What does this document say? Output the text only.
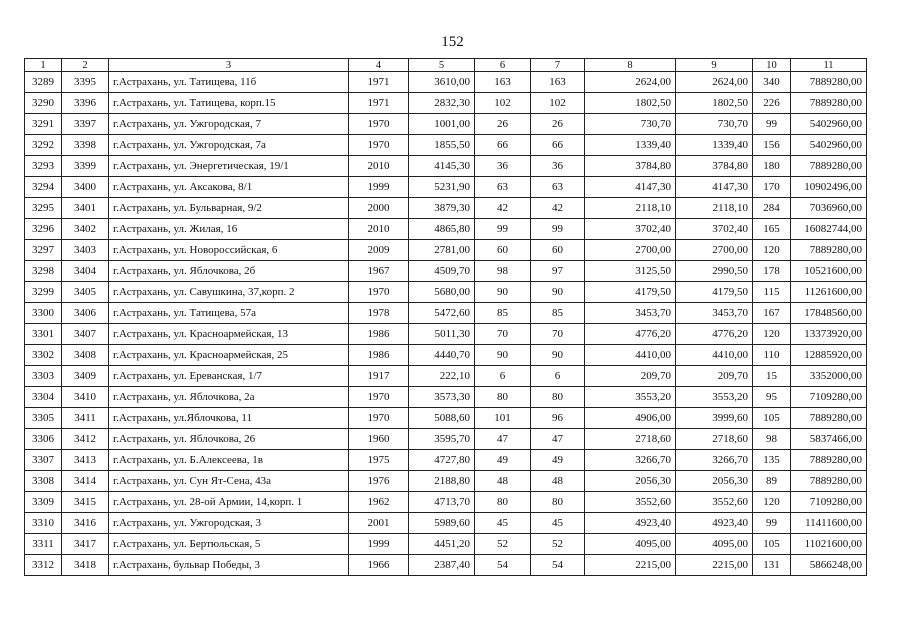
152
1	2	3	4	5	6	7	8	9	10	11
3289	3395	г.Астрахань, ул. Татищева, 11б	1971	3610,00	163	163	2624,00	2624,00	340	7889280,00
3290	3396	г.Астрахань, ул. Татищева, корп.15	1971	2832,30	102	102	1802,50	1802,50	226	7889280,00
3291	3397	г.Астрахань, ул. Ужгородская, 7	1970	1001,00	26	26	730,70	730,70	99	5402960,00
3292	3398	г.Астрахань, ул. Ужгородская, 7а	1970	1855,50	66	66	1339,40	1339,40	156	5402960,00
3293	3399	г.Астрахань, ул. Энергетическая, 19/1	2010	4145,30	36	36	3784,80	3784,80	180	7889280,00
3294	3400	г.Астрахань, ул. Аксакова, 8/1	1999	5231,90	63	63	4147,30	4147,30	170	10902496,00
3295	3401	г.Астрахань, ул. Бульварная, 9/2	2000	3879,30	42	42	2118,10	2118,10	284	7036960,00
3296	3402	г.Астрахань, ул. Жилая, 16	2010	4865,80	99	99	3702,40	3702,40	165	16082744,00
3297	3403	г.Астрахань, ул. Новороссийская, 6	2009	2781,00	60	60	2700,00	2700,00	120	7889280,00
3298	3404	г.Астрахань, ул. Яблочкова, 2б	1967	4509,70	98	97	3125,50	2990,50	178	10521600,00
3299	3405	г.Астрахань, ул. Савушкина, 37,корп. 2	1970	5680,00	90	90	4179,50	4179,50	115	11261600,00
3300	3406	г.Астрахань, ул. Татищева, 57а	1978	5472,60	85	85	3453,70	3453,70	167	17848560,00
3301	3407	г.Астрахань, ул. Красноармейская, 13	1986	5011,30	70	70	4776,20	4776,20	120	13373920,00
3302	3408	г.Астрахань, ул. Красноармейская, 25	1986	4440,70	90	90	4410,00	4410,00	110	12885920,00
3303	3409	г.Астрахань, ул. Ереванская, 1/7	1917	222,10	6	6	209,70	209,70	15	3352000,00
3304	3410	г.Астрахань, ул. Яблочкова, 2а	1970	3573,30	80	80	3553,20	3553,20	95	7109280,00
3305	3411	г.Астрахань, ул.Яблочкова, 11	1970	5088,60	101	96	4906,00	3999,60	105	7889280,00
3306	3412	г.Астрахань, ул. Яблочкова, 26	1960	3595,70	47	47	2718,60	2718,60	98	5837466,00
3307	3413	г.Астрахань, ул. Б.Алексеева, 1в	1975	4727,80	49	49	3266,70	3266,70	135	7889280,00
3308	3414	г.Астрахань, ул. Сун Ят-Сена, 43а	1976	2188,80	48	48	2056,30	2056,30	89	7889280,00
3309	3415	г.Астрахань, ул. 28-ой Армии, 14,корп. 1	1962	4713,70	80	80	3552,60	3552,60	120	7109280,00
3310	3416	г.Астрахань, ул. Ужгородская, 3	2001	5989,60	45	45	4923,40	4923,40	99	11411600,00
3311	3417	г.Астрахань, ул. Бертюльская, 5	1999	4451,20	52	52	4095,00	4095,00	105	11021600,00
3312	3418	г.Астрахань, бульвар Победы, 3	1966	2387,40	54	54	2215,00	2215,00	131	5866248,00
